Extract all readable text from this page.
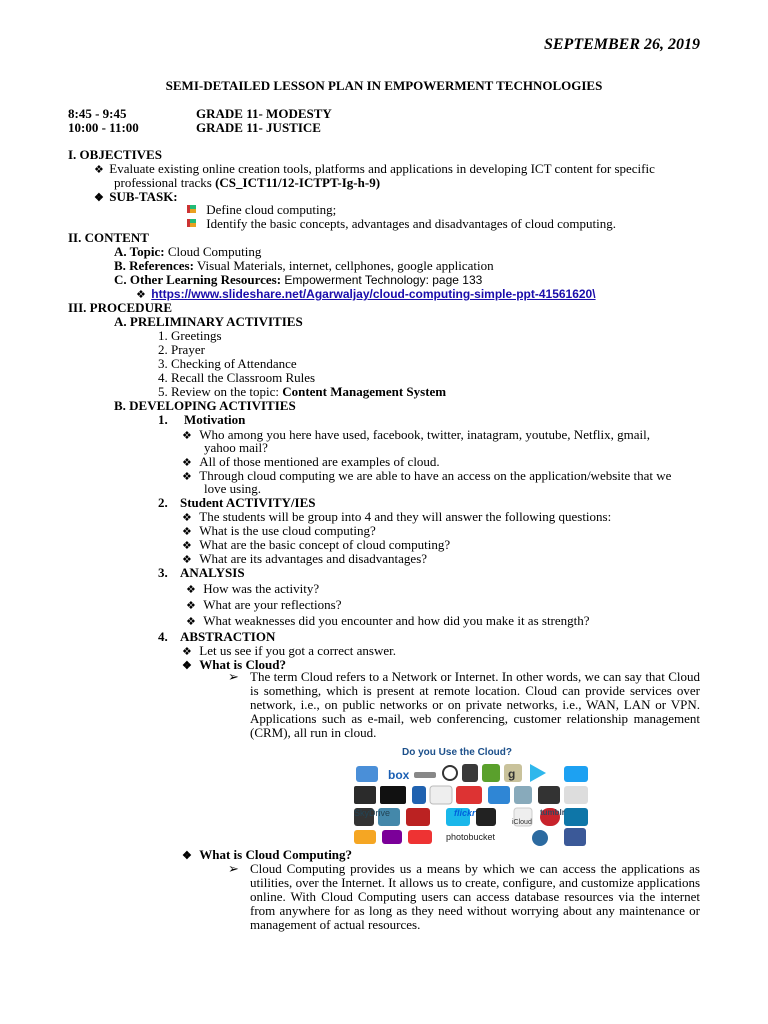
SEPTEMBER 26, 2019
SEMI-DETAILED LESSON PLAN IN EMPOWERMENT TECHNOLOGIES
8:45 - 9:45	GRADE 11- MODESTY
10:00 - 11:00	GRADE 11- JUSTICE
I. OBJECTIVES
❖ Evaluate existing online creation tools, platforms and applications in developing ICT content for specific
professional tracks (CS_ICT11/12-ICTPT-Ig-h-9)
❖ SUB-TASK:
Define cloud computing;
Identify the basic concepts, advantages and disadvantages of cloud computing.
II. CONTENT
A. Topic: Cloud Computing
B. References: Visual Materials, internet, cellphones, google application
C. Other Learning Resources: Empowerment Technology: page 133
❖ https://www.slideshare.net/Agarwaljay/cloud-computing-simple-ppt-41561620\
III. PROCEDURE
A. PRELIMINARY ACTIVITIES
1. Greetings
2. Prayer
3. Checking of Attendance
4. Recall the Classroom Rules
5. Review on the topic: Content Management System
B. DEVELOPING ACTIVITIES
1. Motivation
❖ Who among you here have used, facebook, twitter, inatagram, youtube, Netflix, gmail,
yahoo mail?
❖ All of those mentioned are examples of cloud.
❖ Through cloud computing we are able to have an access on the application/website that we
love using.
2. Student ACTIVITY/IES
❖ The students will be group into 4 and they will answer the following questions:
❖ What is the use cloud computing?
❖ What are the basic concept of cloud computing?
❖ What are its advantages and disadvantages?
3. ANALYSIS
❖ How was the activity?
❖ What are your reflections?
❖ What weaknesses did you encounter and how did you make it as strength?
4. ABSTRACTION
❖ Let us see if you got a correct answer.
❖ What is Cloud?
➢ The term Cloud refers to a Network or Internet. In other words, we can say that Cloud is something, which is present at remote location. Cloud can provide services over network, i.e., on public networks or on private networks, i.e., WAN, LAN or VPN. Applications such as e-mail, web conferencing, customer relationship management (CRM), all run in cloud.
Do you Use the Cloud?
box	g
SkyDrive	flickr
iCloud
tumblr
photobucket
❖ What is Cloud Computing?
➢ Cloud Computing provides us a means by which we can access the applications as utilities, over the Internet. It allows us to create, configure, and customize applications online. With Cloud Computing users can access database resources via the internet from anywhere for as long as they need without worrying about any maintenance or management of actual resources.
